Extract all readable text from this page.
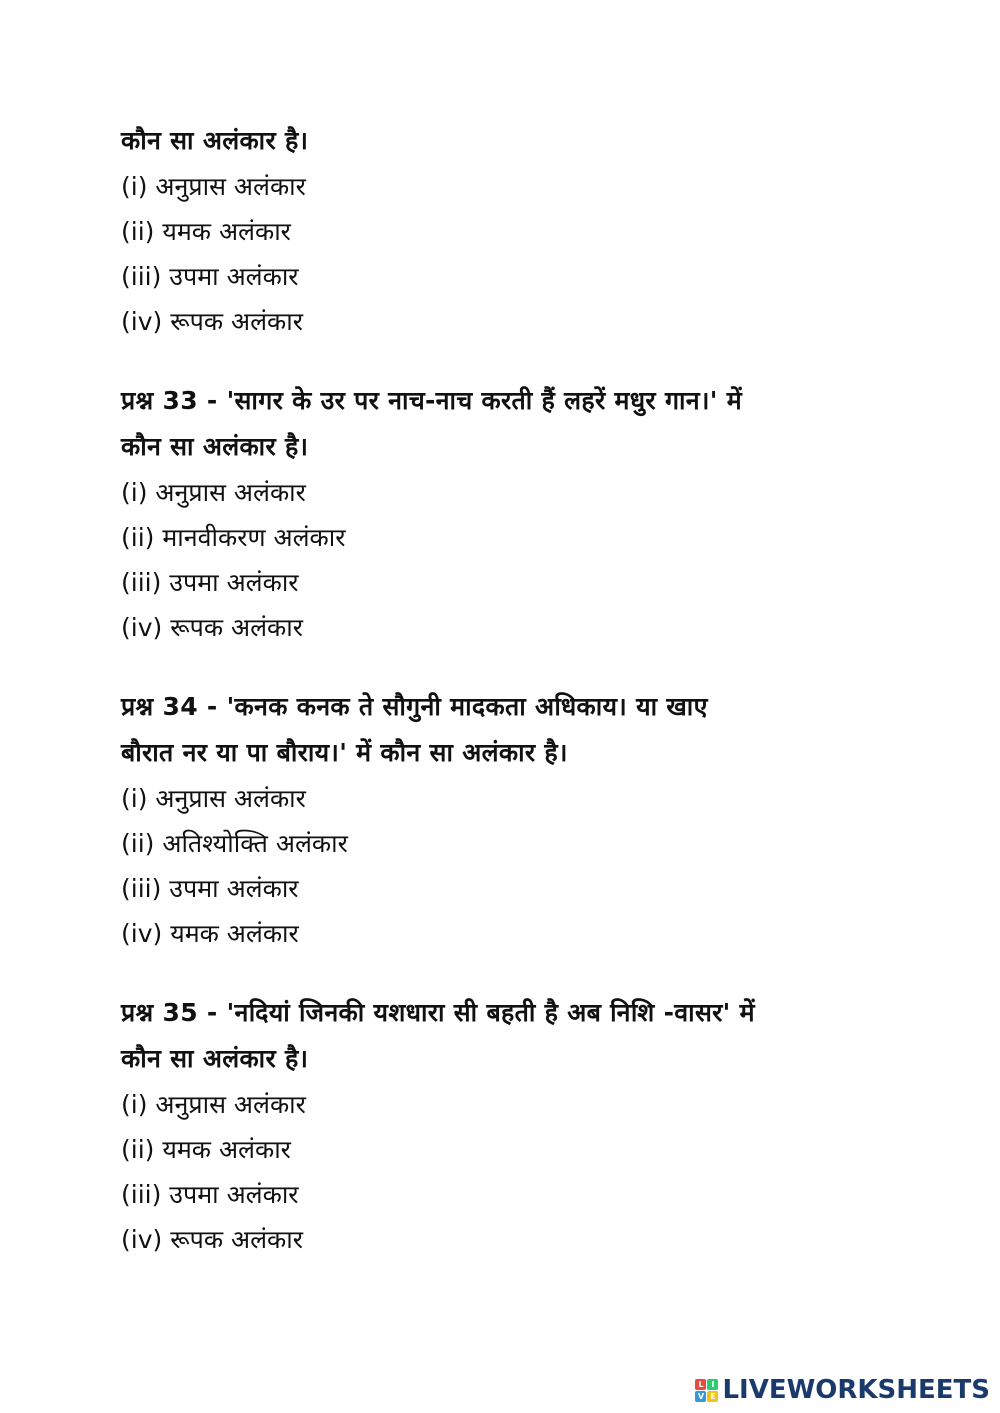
कौन सा अलंकार है।

(i) अनुप्रास अलंकार

(ii) यमक अलंकार

(iii) उपमा अलंकार

(iv) रूपक अलंकार

प्रश्न 33 - 'सागर के उर पर नाच-नाच करती हैं लहरें मधुर गान।' में
कौन सा अलंकार है।

(i) अनुप्रास अलंकार

(ii) मानवीकरण अलंकार

(iii) उपमा अलंकार

(iv) रूपक अलंकार

प्रश्न 34 - 'कनक कनक ते सौगुनी मादकता अधिकाय। या खाए
बौरात नर या पा बौराय।' में कौन सा अलंकार है।

(i) अनुप्रास अलंकार

(ii) अतिश्योक्ति अलंकार

(iii) उपमा अलंकार

(iv) यमक अलंकार

प्रश्न 35 - 'नदियां जिनकी यशधारा सी बहती है अब निशि -वासर' में
कौन सा अलंकार है।

(i) अनुप्रास अलंकार

(ii) यमक अलंकार

(iii) उपमा अलंकार

(iv) रूपक अलंकार

L I
V E LIVEWORKSHEETS
